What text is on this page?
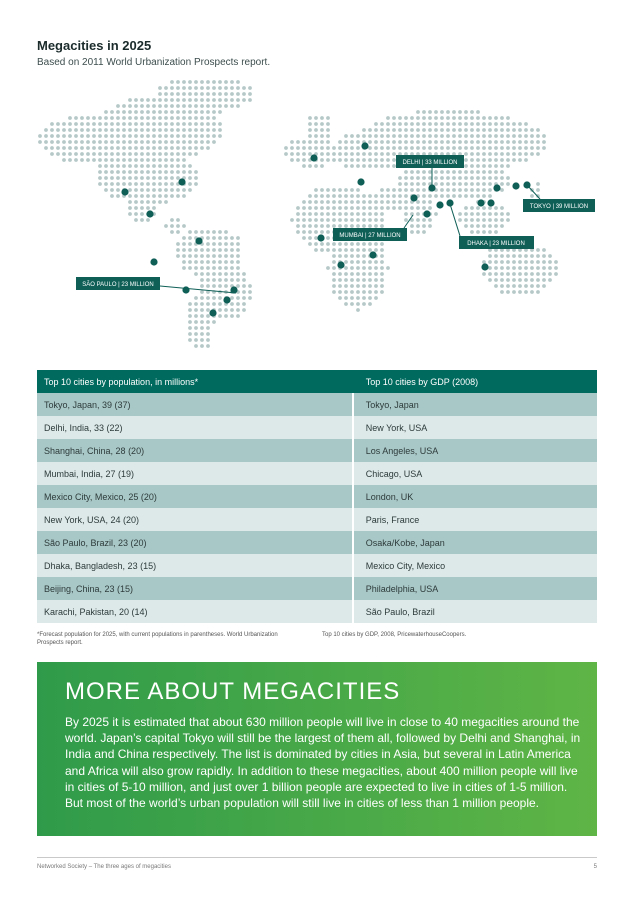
Megacities in 2025
Based on 2011 World Urbanization Prospects report.
DELHI | 33 MILLION
TOKYO | 39 MILLION
MUMBAI | 27 MILLION
DHAKA | 23 MILLION
SÃO PAULO | 23 MILLION
Top 10 cities by population, in millions*	Top 10 cities by GDP (2008)
Tokyo, Japan, 39 (37)	Tokyo, Japan
Delhi, India, 33 (22)	New York, USA
Shanghai, China, 28 (20)	Los Angeles, USA
Mumbai, India, 27 (19)	Chicago, USA
Mexico City, Mexico, 25 (20)	London, UK
New York, USA, 24 (20)	Paris, France
São Paulo, Brazil, 23 (20)	Osaka/Kobe, Japan
Dhaka, Bangladesh, 23 (15)	Mexico City, Mexico
Beijing, China, 23 (15)	Philadelphia, USA
Karachi, Pakistan, 20 (14)	São Paulo, Brazil
*Forecast population for 2025, with current populations in parentheses. World Urbanization Prospects report.
Top 10 cities by GDP, 2008, PricewaterhouseCoopers.
MORE ABOUT MEGACITIES

By 2025 it is estimated that about 630 million people will live in close to 40 megacities around the world. Japan’s capital Tokyo will still be the largest of them all, followed by Delhi and Shanghai, in India and China respectively. The list is dominated by cities in Asia, but several in Latin America and Africa will also grow rapidly. In addition to these megacities, about 400 million people will live in cities of 5-10 million, and just over 1 billion people are expected to live in cities of 1-5 million. But most of the world’s urban population will still live in cities of less than 1 million people.

Networked Society – The three ages of megacities	5
